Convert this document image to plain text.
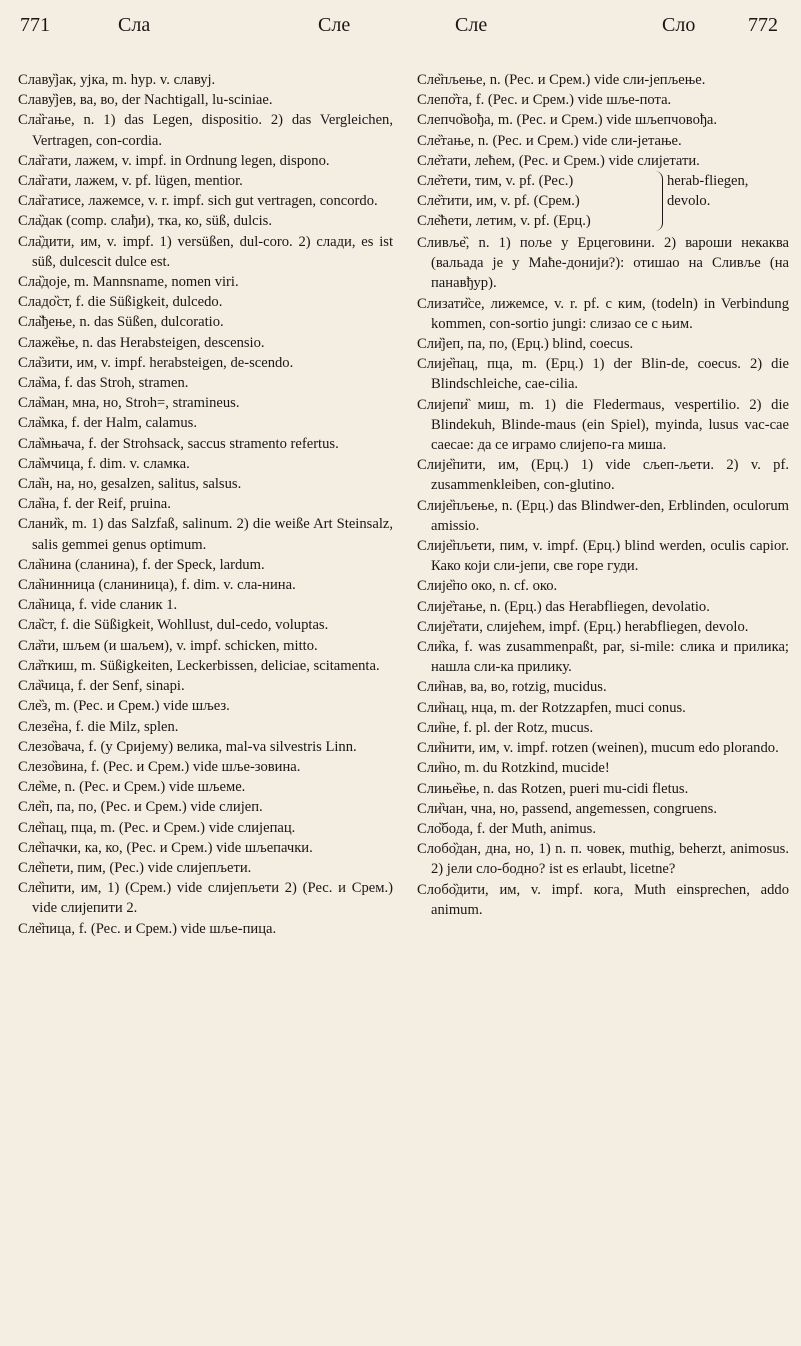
771	Сла	Сле	Сле	Сло	772

Славу̏јак, ујка, m. hyp. v. славуј.

Славу̏јев, ва, во, der Nachtigall, lu-sciniae.

Сла̏гање, n. 1) das Legen, dispositio. 2) das Vergleichen, Vertragen, con-cordia.

Сла̏гати, лажем, v. impf. in Ordnung legen, dispono.

Сла̏гати, лажем, v. pf. lügen, mentior.

Сла̏гатисе, лажемсе, v. r. impf. sich gut vertragen, concordo.

Сла̏дак (comp. слађи), тка, ко, süß, dulcis.

Сла̏дити, им, v. impf. 1) versüßen, dul-coro. 2) слади, es ist süß, dulcescit dulce est.

Сла̏доје, m. Mannsname, nomen viri.

Сладо̏ст, f. die Süßigkeit, dulcedo.

Сла̏ђење, n. das Süßen, dulcoratio.

Слаже̏ње, n. das Herabsteigen, descensio.

Сла̏зити, им, v. impf. herabsteigen, de-scendo.

Сла̏ма, f. das Stroh, stramen.

Сла̏ман, мна, но, Stroh=, stramineus.

Сла̏мка, f. der Halm, calamus.

Сла̏мњача, f. der Strohsack, saccus stramento refertus.

Сла̏мчица, f. dim. v. сламка.

Сла̏н, на, но, gesalzen, salitus, salsus.

Сла̏на, f. der Reif, pruina.

Слани̏к, m. 1) das Salzfaß, salinum. 2) die weiße Art Steinsalz, salis gemmei genus optimum.

Сла̏нина (сланина), f. der Speck, lardum.

Сла̏нинница (сланиница), f. dim. v. сла-нина.

Сла̏ница, f. vide сланик 1.

Сла̏ст, f. die Süßigkeit, Wohllust, dul-cedo, voluptas.

Сла̏ти, шљем (и шаљем), v. impf. schicken, mitto.

Сла̏ткиш, m. Süßigkeiten, Leckerbissen, deliciae, scitamenta.

Сла̏чица, f. der Senf, sinapi.

Сле̏з, m. (Рес. и Срем.) vide шљез.

Слезе̏на, f. die Milz, splen.

Слезо̏вача, f. (у Сријему) велика, mal-va silvestris Linn.

Слезо̏вина, f. (Рес. и Срем.) vide шље-зовина.

Сле̏ме, n. (Рес. и Срем.) vide шљеме.

Сле̏п, па, по, (Рес. и Срем.) vide слијеп.

Сле̏пац, пца, m. (Рес. и Срем.) vide слијепац.

Сле̏пачки, ка, ко, (Рес. и Срем.) vide шљепачки.

Сле̏пети, пим, (Рес.) vide слијепљети.

Сле̏пити, им, 1) (Срем.) vide слијепљети 2) (Рес. и Срем.) vide слијепити 2.

Сле̏пица, f. (Рес. и Срем.) vide шље-пица.

Сле̏пљење, n. (Рес. и Срем.) vide сли-јепљење.

Слепо̏та, f. (Рес. и Срем.) vide шље-пота.

Слепчо̏вођа, m. (Рес. и Срем.) vide шљепчовођа.

Сле̏тање, n. (Рес. и Срем.) vide сли-јетање.

Сле̏тати, лећем, (Рес. и Срем.) vide слијетати.

Сле̏тети, тим, v. pf. (Рес.)
Сле̏тити, им, v. pf. (Срем.)
Сле̏ћети, летим, v. pf. (Ерц.)
herab-fliegen, devolo.

Сливље̏, n. 1) поље у Ерцеговини. 2) вароши некаква (вальада је у Маће-донији?): отишао на Сливље (на панавђур).

Слизати̏се, лижемсе, v. r. pf. с ким, (todeln) in Verbindung kommen, con-sortio jungi: слизао се с њим.

Сли̏јеп, па, по, (Ерц.) blind, coecus.

Слије̏пац, пца, m. (Ерц.) 1) der Blin-de, coecus. 2) die Blindschleiche, cae-cilia.

Слијепи̏ миш, m. 1) die Fledermaus, vespertilio. 2) die Blindekuh, Blinde-maus (ein Spiel), myinda, lusus vac-cae caecae: да се играмо слијепо-га миша.

Слије̏пити, им, (Ерц.) 1) vide сљеп-љети. 2) v. pf. zusammenkleiben, con-glutino.

Слије̏пљење, n. (Ерц.) das Blindwer-den, Erblinden, oculorum amissio.

Слије̏пљети, пим, v. impf. (Ерц.) blind werden, oculis capior. Како који сли-јепи, све горе гуди.

Слије̏по око, n. cf. око.

Слије̏тање, n. (Ерц.) das Herabfliegen, devolatio.

Слије̏тати, слијећем, impf. (Ерц.) herabfliegen, devolo.

Сли̏ка, f. was zusammenpaßt, par, si-mile: слика и прилика; нашла сли-ка прилику.

Сли̏нав, ва, во, rotzig, mucidus.

Сли̏нац, нца, m. der Rotzzapfen, muci conus.

Сли̏не, f. pl. der Rotz, mucus.

Сли̏нити, им, v. impf. rotzen (weinen), mucum edo plorando.

Сли̏но, m. du Rotzkind, mucide!

Слиње̏ње, n. das Rotzen, pueri mu-cidi fletus.

Сли̏чан, чна, но, passend, angemessen, congruens.

Сло̏бода, f. der Muth, animus.

Слобо̏дан, дна, но, 1) n. п. човек, muthig, beherzt, animosus. 2) јели сло-бодно? ist es erlaubt, licetne?

Слобо̏дити, им, v. impf. кога, Muth einsprechen, addo animum.
